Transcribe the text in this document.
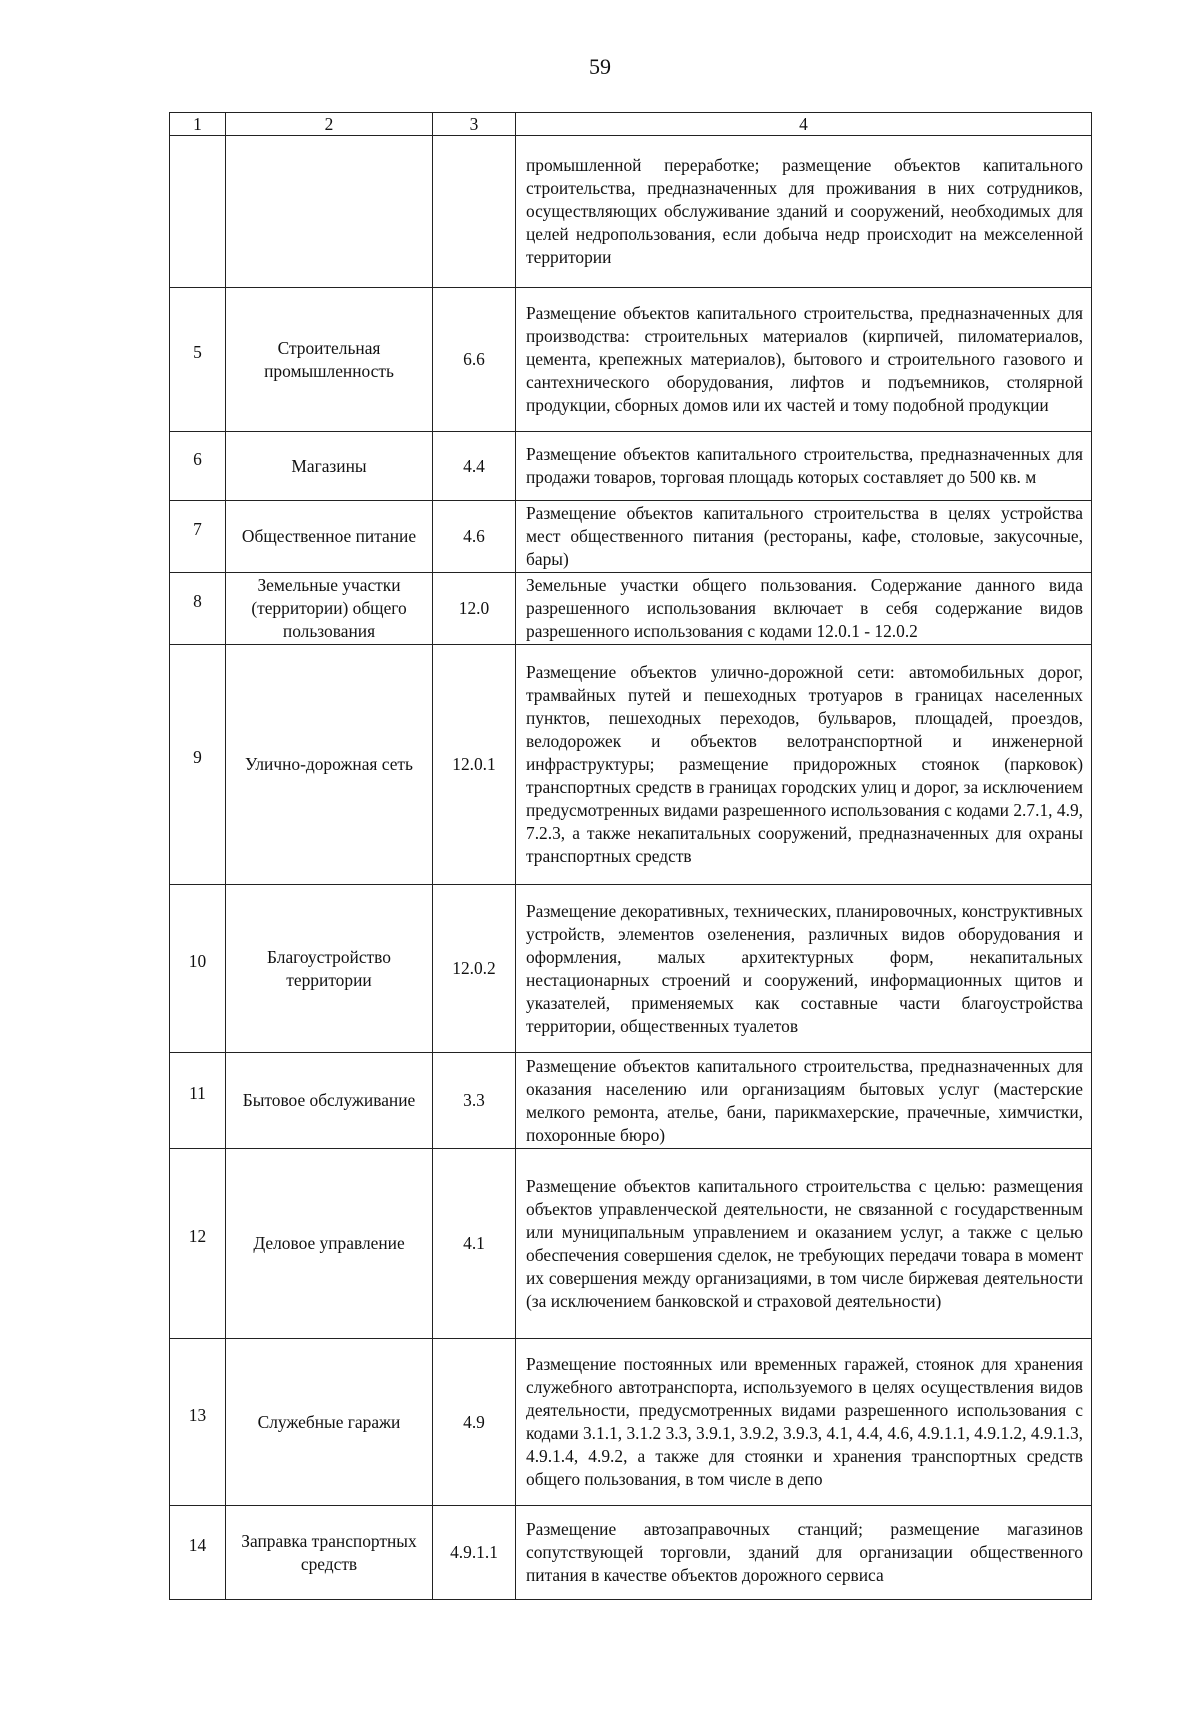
59
1	2	3	4
			промышленной переработке; размещение объектов капитального строительства, предназначенных для проживания в них сотрудников, осуществляющих обслуживание зданий и сооружений, необходимых для целей недропользования, если добыча недр происходит на межселенной территории
5	Строительная промышленность	6.6	Размещение объектов капитального строительства, предназначенных для производства: строительных материалов (кирпичей, пиломатериалов, цемента, крепежных материалов), бытового и строительного газового и сантехнического оборудования, лифтов и подъемников, столярной продукции, сборных домов или их частей и тому подобной продукции
6	Магазины	4.4	Размещение объектов капитального строительства, предназначенных для продажи товаров, торговая площадь которых составляет до 500 кв. м
7	Общественное питание	4.6	Размещение объектов капитального строительства в целях устройства мест общественного питания (рестораны, кафе, столовые, закусочные, бары)
8	Земельные участки (территории) общего пользования	12.0	Земельные участки общего пользования. Содержание данного вида разрешенного использования включает в себя содержание видов разрешенного использования с кодами 12.0.1 - 12.0.2
9	Улично-дорожная сеть	12.0.1	Размещение объектов улично-дорожной сети: автомобильных дорог, трамвайных путей и пешеходных тротуаров в границах населенных пунктов, пешеходных переходов, бульваров, площадей, проездов, велодорожек и объектов велотранспортной и инженерной инфраструктуры; размещение придорожных стоянок (парковок) транспортных средств в границах городских улиц и дорог, за исключением предусмотренных видами разрешенного использования с кодами 2.7.1, 4.9, 7.2.3, а также некапитальных сооружений, предназначенных для охраны транспортных средств
10	Благоустройство территории	12.0.2	Размещение декоративных, технических, планировочных, конструктивных устройств, элементов озеленения, различных видов оборудования и оформления, малых архитектурных форм, некапитальных нестационарных строений и сооружений, информационных щитов и указателей, применяемых как составные части благоустройства территории, общественных туалетов
11	Бытовое обслуживание	3.3	Размещение объектов капитального строительства, предназначенных для оказания населению или организациям бытовых услуг (мастерские мелкого ремонта, ателье, бани, парикмахерские, прачечные, химчистки, похоронные бюро)
12	Деловое управление	4.1	Размещение объектов капитального строительства с целью: размещения объектов управленческой деятельности, не связанной с государственным или муниципальным управлением и оказанием услуг, а также с целью обеспечения совершения сделок, не требующих передачи товара в момент их совершения между организациями, в том числе биржевая деятельности (за исключением банковской и страховой деятельности)
13	Служебные гаражи	4.9	Размещение постоянных или временных гаражей, стоянок для хранения служебного автотранспорта, используемого в целях осуществления видов деятельности, предусмотренных видами разрешенного использования с кодами 3.1.1, 3.1.2 3.3, 3.9.1, 3.9.2, 3.9.3, 4.1, 4.4, 4.6, 4.9.1.1, 4.9.1.2, 4.9.1.3, 4.9.1.4, 4.9.2, а также для стоянки и хранения транспортных средств общего пользования, в том числе в депо
14	Заправка транспортных средств	4.9.1.1	Размещение автозаправочных станций; размещение магазинов сопутствующей торговли, зданий для организации общественного питания в качестве объектов дорожного сервиса
